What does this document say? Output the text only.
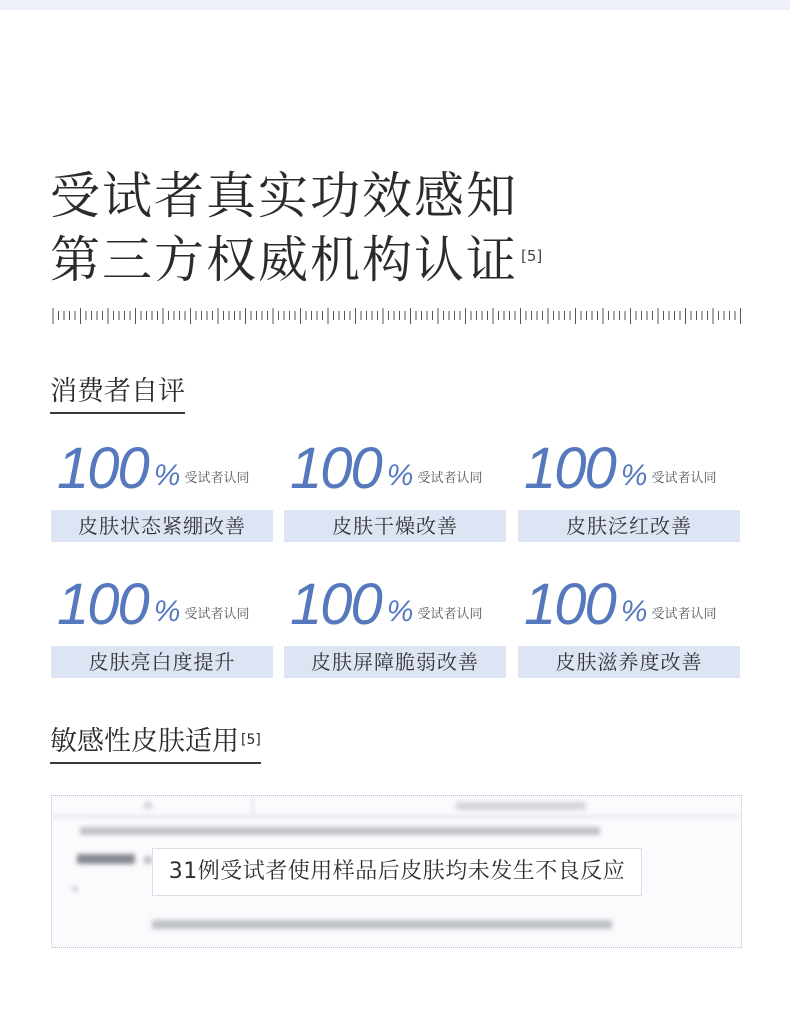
受试者真实功效感知
第三方权威机构认证 [5]
消费者自评
100 % $^{受试者认同}$
皮肤状态紧绷改善
100 % $^{受试者认同}$
皮肤干燥改善
100 % $^{受试者认同}$
皮肤泛红改善
100 % $^{受试者认同}$
皮肤亮白度提升
100 % $^{受试者认同}$
皮肤屏障脆弱改善
100 % $^{受试者认同}$
皮肤滋养度改善
敏感性皮肤适用 [5]
31例受试者使用样品后皮肤均未发生不良反应
